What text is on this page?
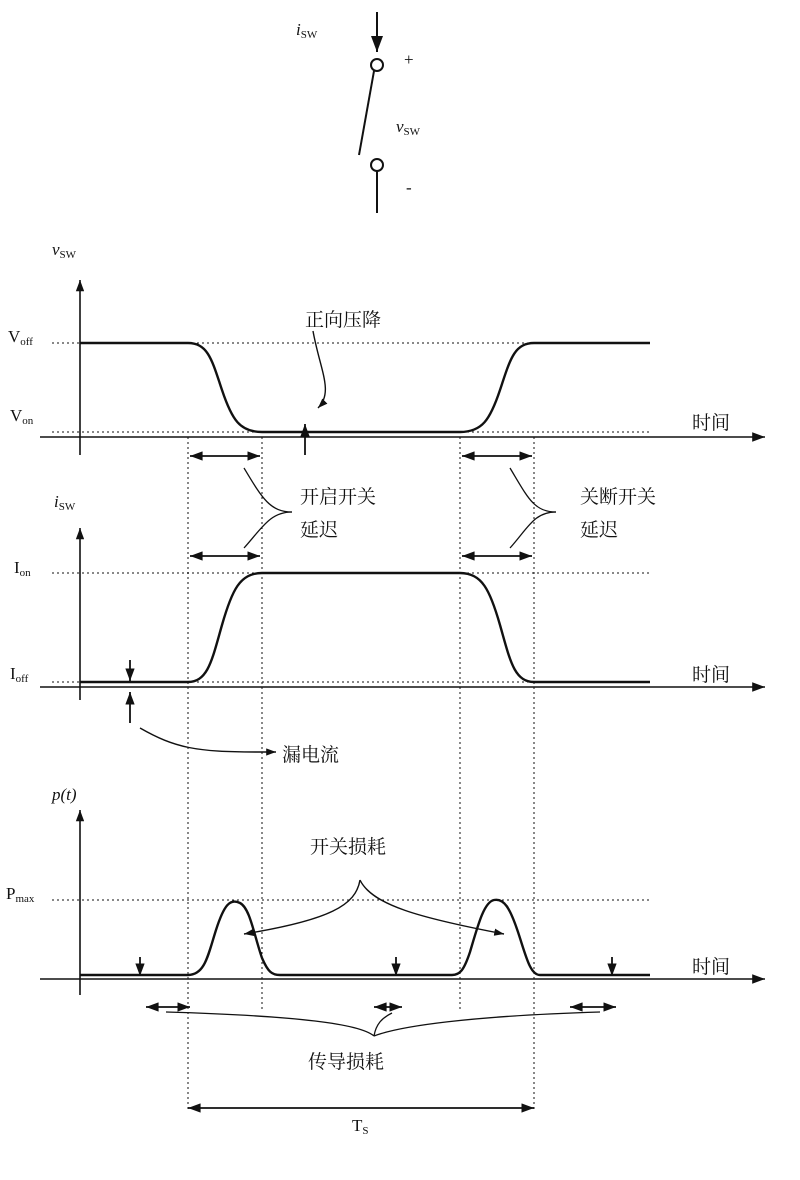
$i_{SW}$
+
$v_{SW}$
-
$v_{SW}$
$V_{off}$
$V_{on}$	时间
正向压降
开启开关
延迟
关断开关
延迟
$i_{SW}$
$I_{on}$
$I_{off}$	时间
漏电流
p(t)
$P_{max}$
时间
开关损耗
传导损耗
$T_S$
